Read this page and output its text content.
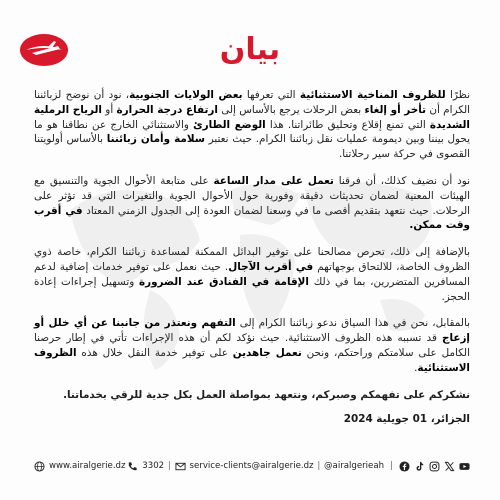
بيان

نظرًا للظروف المناخية الاستثنائية التي تعرفها بعض الولايات الجنوبية، نود أن نوضح لزبائننا الكرام أن تأخر أو إلغاء بعض الرحلات يرجع بالأساس إلى ارتفاع درجة الحرارة أو الرياح الرملية الشديدة التي تمنع إقلاع وتحليق طائراتنا. هذا الوضع الطارئ والاستثنائي الخارج عن نطاقنا هو ما يحول بيننا وبين ديمومة عمليات نقل زبائننا الكرام. حيث نعتبر سلامة وأمان زبائننا بالأساس أولويتنا القصوى في حركة سير رحلاتنا.

نود أن نضيف كذلك، أن فرقنا تعمل على مدار الساعة على متابعة الأحوال الجوية والتنسيق مع الهيئات المعنية لضمان تحديثات دقيقة وفورية حول الأحوال الجوية والتغيرات التي قد تؤثر على الرحلات. حيث نتعهد بتقديم أقصى ما في وسعنا لضمان العودة إلى الجدول الزمني المعتاد في أقرب وقت ممكن.

بالإضافة إلى ذلك، تحرص مصالحنا على توفير البدائل الممكنة لمساعدة زبائننا الكرام، خاصة ذوي الظروف الخاصة، للالتحاق بوجهاتهم في أقرب الآجال. حيث نعمل على توفير خدمات إضافية لدعم المسافرين المتضررين، بما في ذلك الإقامة في الفنادق عند الضرورة وتسهيل إجراءات إعادة الحجز.

بالمقابل، نحن في هذا السياق ندعو زبائننا الكرام إلى التفهم ونعتذر من جانبنا عن أي خلل أو إزعاج قد تسببه هذه الظروف الاستثنائية. حيث نؤكد لكم أن هذه الإجراءات تأتي في إطار حرصنا الكامل على سلامتكم وراحتكم، ونحن نعمل جاهدين على توفير خدمة النقل خلال هذه الظروف الاستثنائية.

نشكركم على تفهمكم وصبركم، ونتعهد بمواصلة العمل بكل جدية للرقي بخدماتنا.

الجزائر، 01 جويلية 2024

www.airalgerie.dz 3302 | service-clients@airalgerie.dz | @airalgerieah |
